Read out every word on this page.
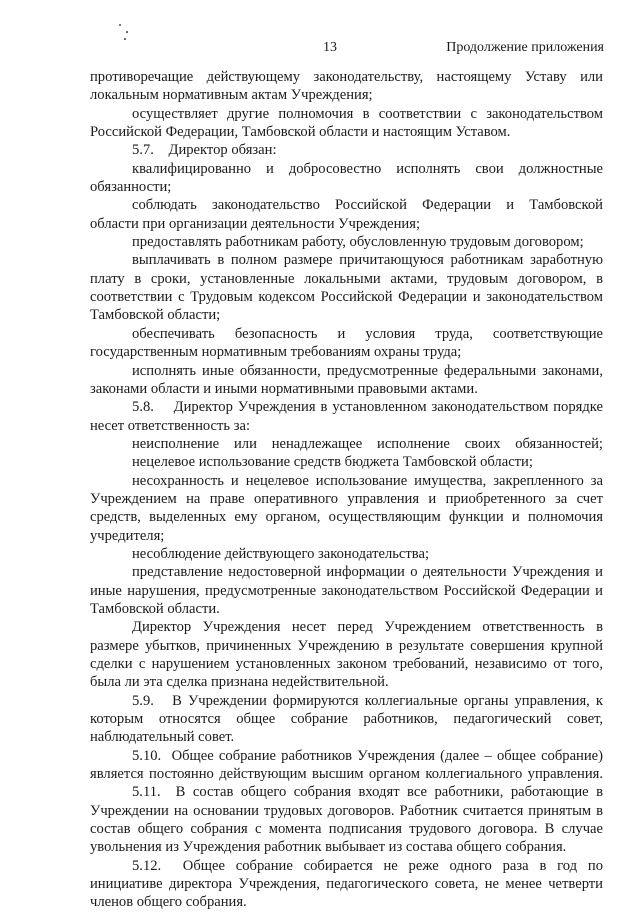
13	Продолжение приложения
противоречащие действующему законодательству, настоящему Уставу или
локальным нормативным актам Учреждения;
осуществляет другие полномочия в соответствии с законодательством
Российской Федерации, Тамбовской области и настоящим Уставом.
5.7.    Директор обязан:
квалифицированно и добросовестно исполнять свои должностные
обязанности;
соблюдать законодательство Российской Федерации и Тамбовской
области при организации деятельности Учреждения;
предоставлять работникам работу, обусловленную трудовым договором;
выплачивать в полном размере причитающуюся работникам заработную
плату в сроки, установленные локальными актами, трудовым договором, в
соответствии с Трудовым кодексом Российской Федерации и законодательством
Тамбовской области;
обеспечивать безопасность и условия труда, соответствующие
государственным нормативным требованиям охраны труда;
исполнять иные обязанности, предусмотренные федеральными законами,
законами области и иными нормативными правовыми актами.
5.8.    Директор Учреждения в установленном законодательством порядке
несет ответственность за:
неисполнение или ненадлежащее исполнение своих обязанностей;
нецелевое использование средств бюджета Тамбовской области;
несохранность и нецелевое использование имущества, закрепленного за
Учреждением на праве оперативного управления и приобретенного за счет
средств, выделенных ему органом, осуществляющим функции и полномочия
учредителя;
несоблюдение действующего законодательства;
представление недостоверной информации о деятельности Учреждения и
иные нарушения, предусмотренные законодательством Российской Федерации и
Тамбовской области.
Директор Учреждения несет перед Учреждением ответственность в
размере убытков, причиненных Учреждению в результате совершения крупной
сделки с нарушением установленных законом требований, независимо от того,
была ли эта сделка признана недействительной.
5.9.   В Учреждении формируются коллегиальные органы управления, к
которым относятся общее собрание работников, педагогический совет,
наблюдательный совет.
5.10.  Общее собрание работников Учреждения (далее – общее собрание)
является постоянно действующим высшим органом коллегиального управления.
5.11.  В состав общего собрания входят все работники, работающие в
Учреждении на основании трудовых договоров. Работник считается принятым в
состав общего собрания с момента подписания трудового договора. В случае
увольнения из Учреждения работник выбывает из состава общего собрания.
5.12.  Общее собрание собирается не реже одного раза в год по
инициативе директора Учреждения, педагогического совета, не менее четверти
членов общего собрания.
